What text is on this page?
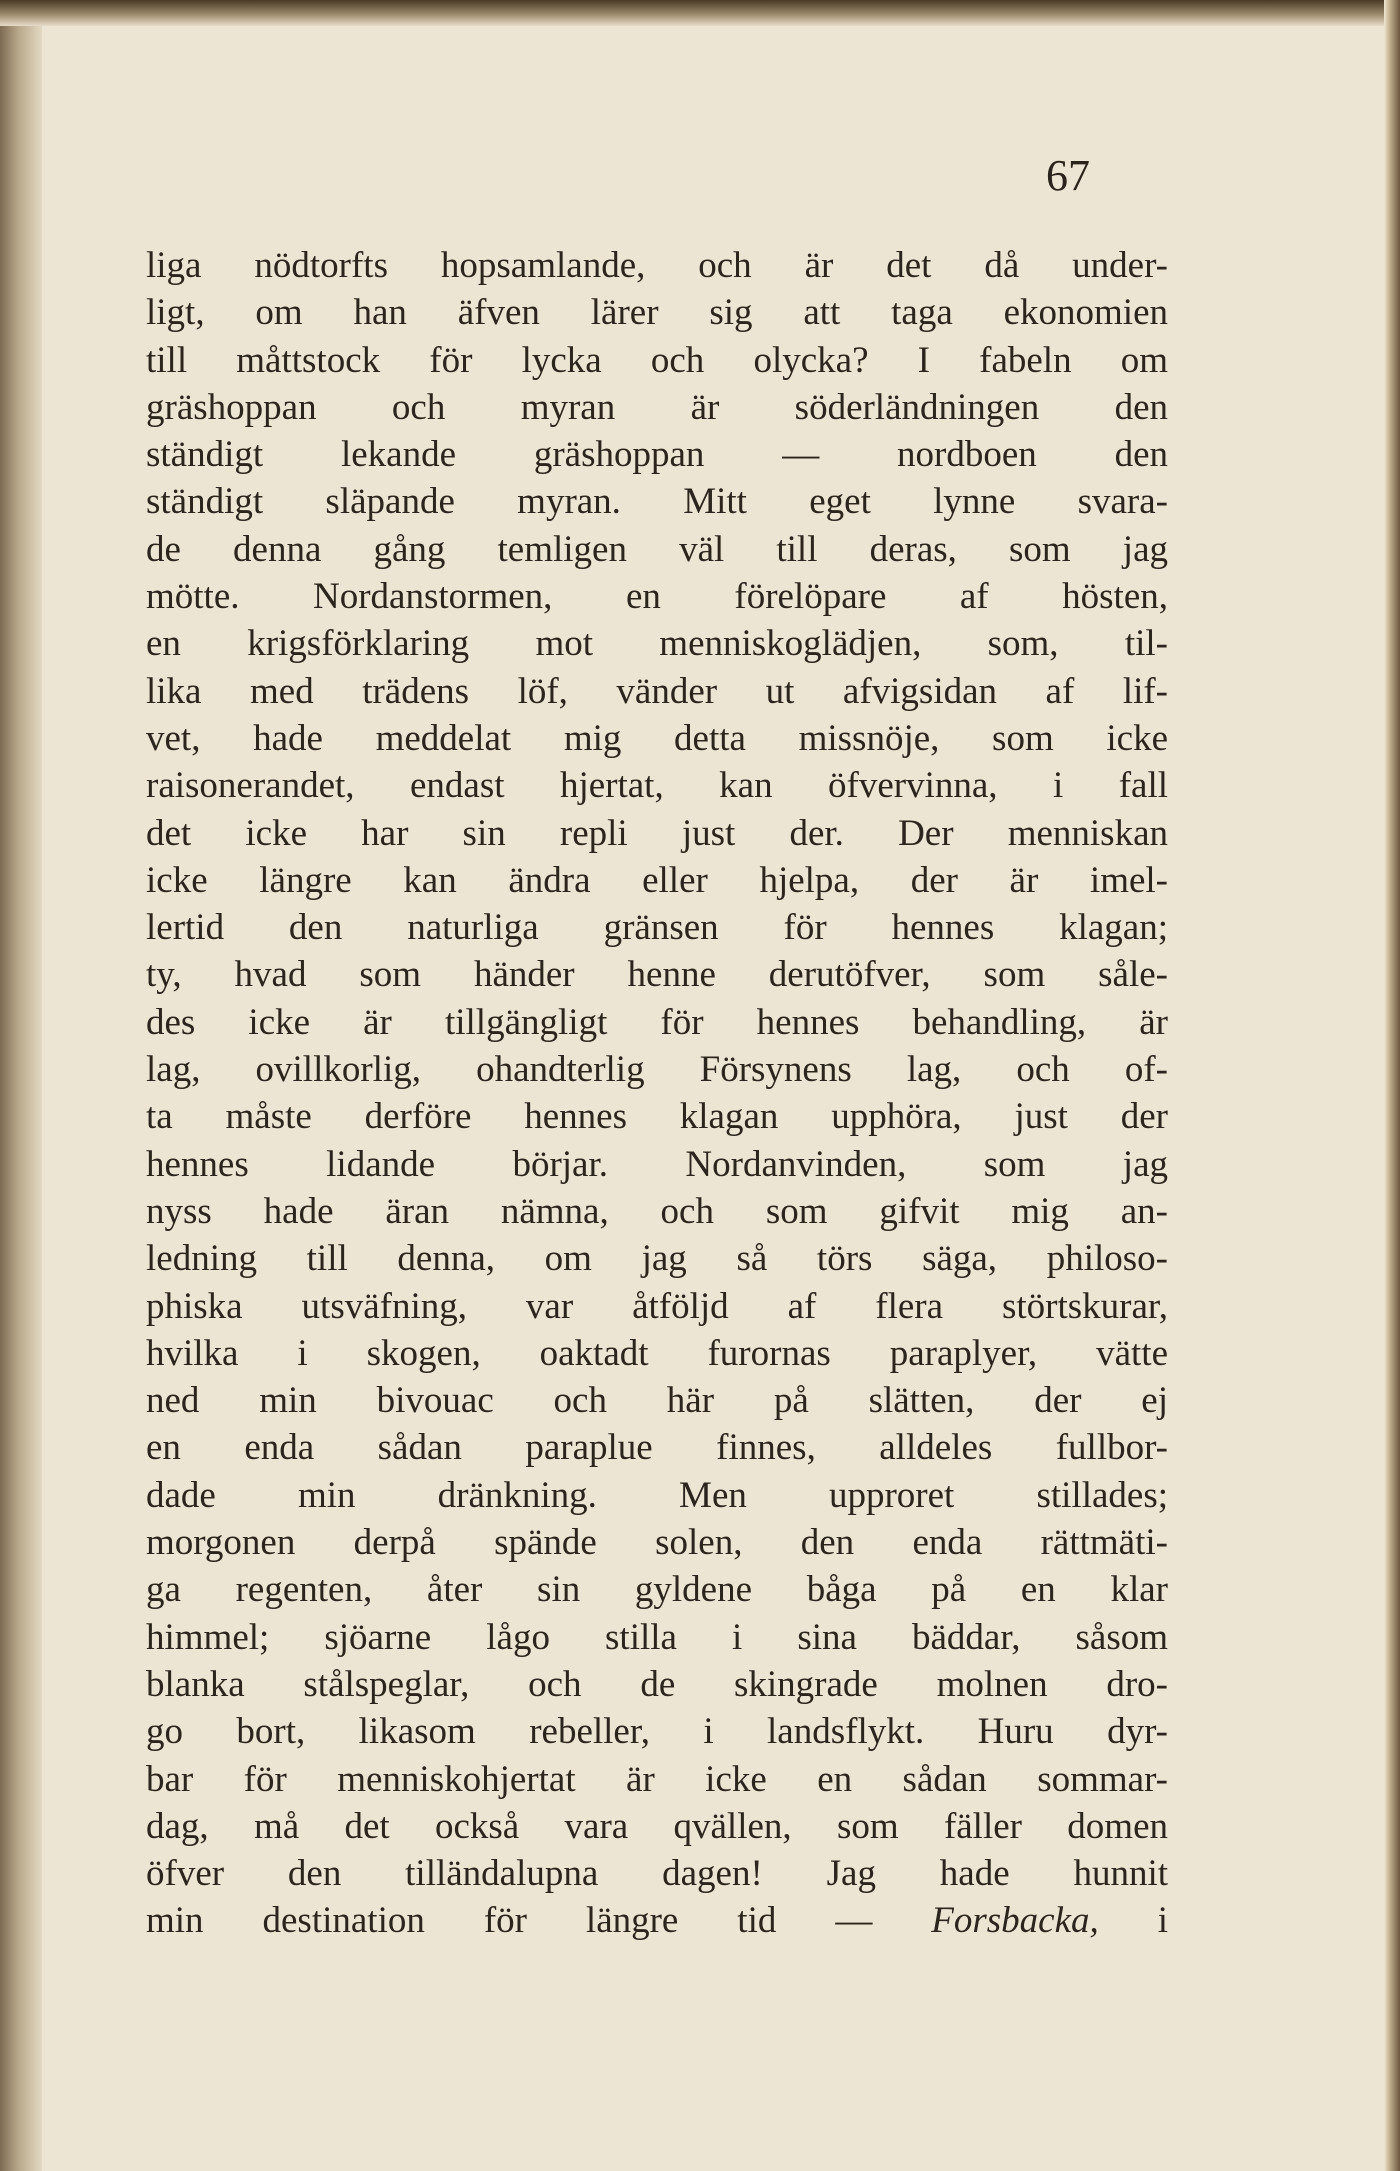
67
liga nödtorfts hopsamlande, och är det då under-
ligt, om han äfven lärer sig att taga ekonomien
till måttstock för lycka och olycka? I fabeln om
gräshoppan och myran är söderländningen den
ständigt lekande gräshoppan — nordboen den
ständigt släpande myran. Mitt eget lynne svara-
de denna gång temligen väl till deras, som jag
mötte. Nordanstormen, en förelöpare af hösten,
en krigsförklaring mot menniskoglädjen, som, til-
lika med trädens löf, vänder ut afvigsidan af lif-
vet, hade meddelat mig detta missnöje, som icke
raisonerandet, endast hjertat, kan öfvervinna, i fall
det icke har sin repli just der. Der menniskan
icke längre kan ändra eller hjelpa, der är imel-
lertid den naturliga gränsen för hennes klagan;
ty, hvad som händer henne derutöfver, som såle-
des icke är tillgängligt för hennes behandling, är
lag, ovillkorlig, ohandterlig Försynens lag, och of-
ta måste derföre hennes klagan upphöra, just der
hennes lidande börjar. Nordanvinden, som jag
nyss hade äran nämna, och som gifvit mig an-
ledning till denna, om jag så törs säga, philoso-
phiska utsväfning, var åtföljd af flera störtskurar,
hvilka i skogen, oaktadt furornas paraplyer, vätte
ned min bivouac och här på slätten, der ej
en enda sådan paraplue finnes, alldeles fullbor-
dade min dränkning. Men upproret stillades;
morgonen derpå spände solen, den enda rättmäti-
ga regenten, åter sin gyldene båga på en klar
himmel; sjöarne lågo stilla i sina bäddar, såsom
blanka stålspeglar, och de skingrade molnen dro-
go bort, likasom rebeller, i landsflykt. Huru dyr-
bar för menniskohjertat är icke en sådan sommar-
dag, må det också vara qvällen, som fäller domen
öfver den tilländalupna dagen! Jag hade hunnit
min destination för längre tid — Forsbacka, i
